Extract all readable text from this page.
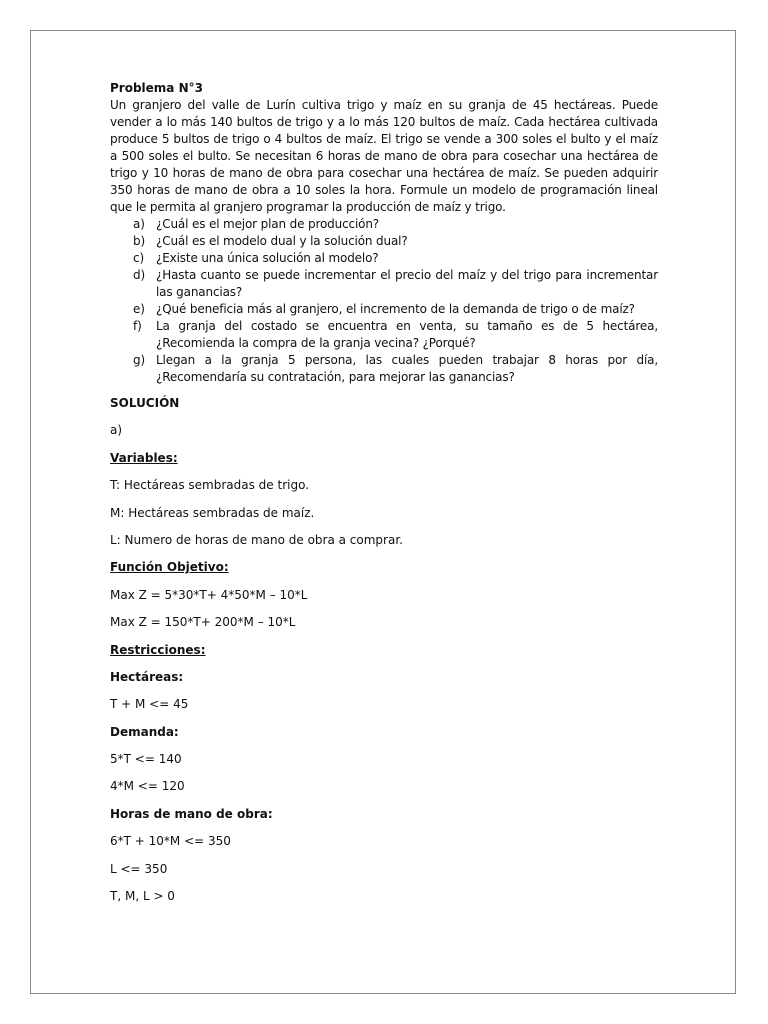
Problema N°3

Un granjero del valle de Lurín cultiva trigo y maíz en su granja de 45 hectáreas. Puede vender a lo más 140 bultos de trigo y a lo más 120 bultos de maíz. Cada hectárea cultivada produce 5 bultos de trigo o 4 bultos de maíz. El trigo se vende a 300 soles el bulto y el maíz a 500 soles el bulto. Se necesitan 6 horas de mano de obra para cosechar una hectárea de trigo y 10 horas de mano de obra para cosechar una hectárea de maíz. Se pueden adquirir 350 horas de mano de obra a 10 soles la hora. Formule un modelo de programación lineal que le permita al granjero programar la producción de maíz y trigo.

a) ¿Cuál es el mejor plan de producción?
b) ¿Cuál es el modelo dual y la solución dual?
c)	¿Existe una única solución al modelo?
d) ¿Hasta cuanto se puede incrementar el precio del maíz y del trigo para incrementar las ganancias?
e) ¿Qué beneficia más al granjero, el incremento de la demanda de trigo o de maíz?
f)	La granja del costado se encuentra en venta, su tamaño es de 5 hectárea, ¿Recomienda la compra de la granja vecina? ¿Porqué?
g) Llegan a la granja 5 persona, las cuales pueden trabajar 8 horas por día, ¿Recomendaría su contratación, para mejorar las ganancias?

SOLUCIÓN

a)

Variables:

T: Hectáreas sembradas de trigo.

M: Hectáreas sembradas de maíz.

L: Numero de horas de mano de obra a comprar.

Función Objetivo:

Max Z = 5*30*T+ 4*50*M – 10*L

Max Z = 150*T+ 200*M – 10*L

Restricciones:

Hectáreas:

T + M <= 45

Demanda:

5*T <= 140

4*M <= 120

Horas de mano de obra:

6*T + 10*M <= 350

L <= 350

T, M, L > 0
